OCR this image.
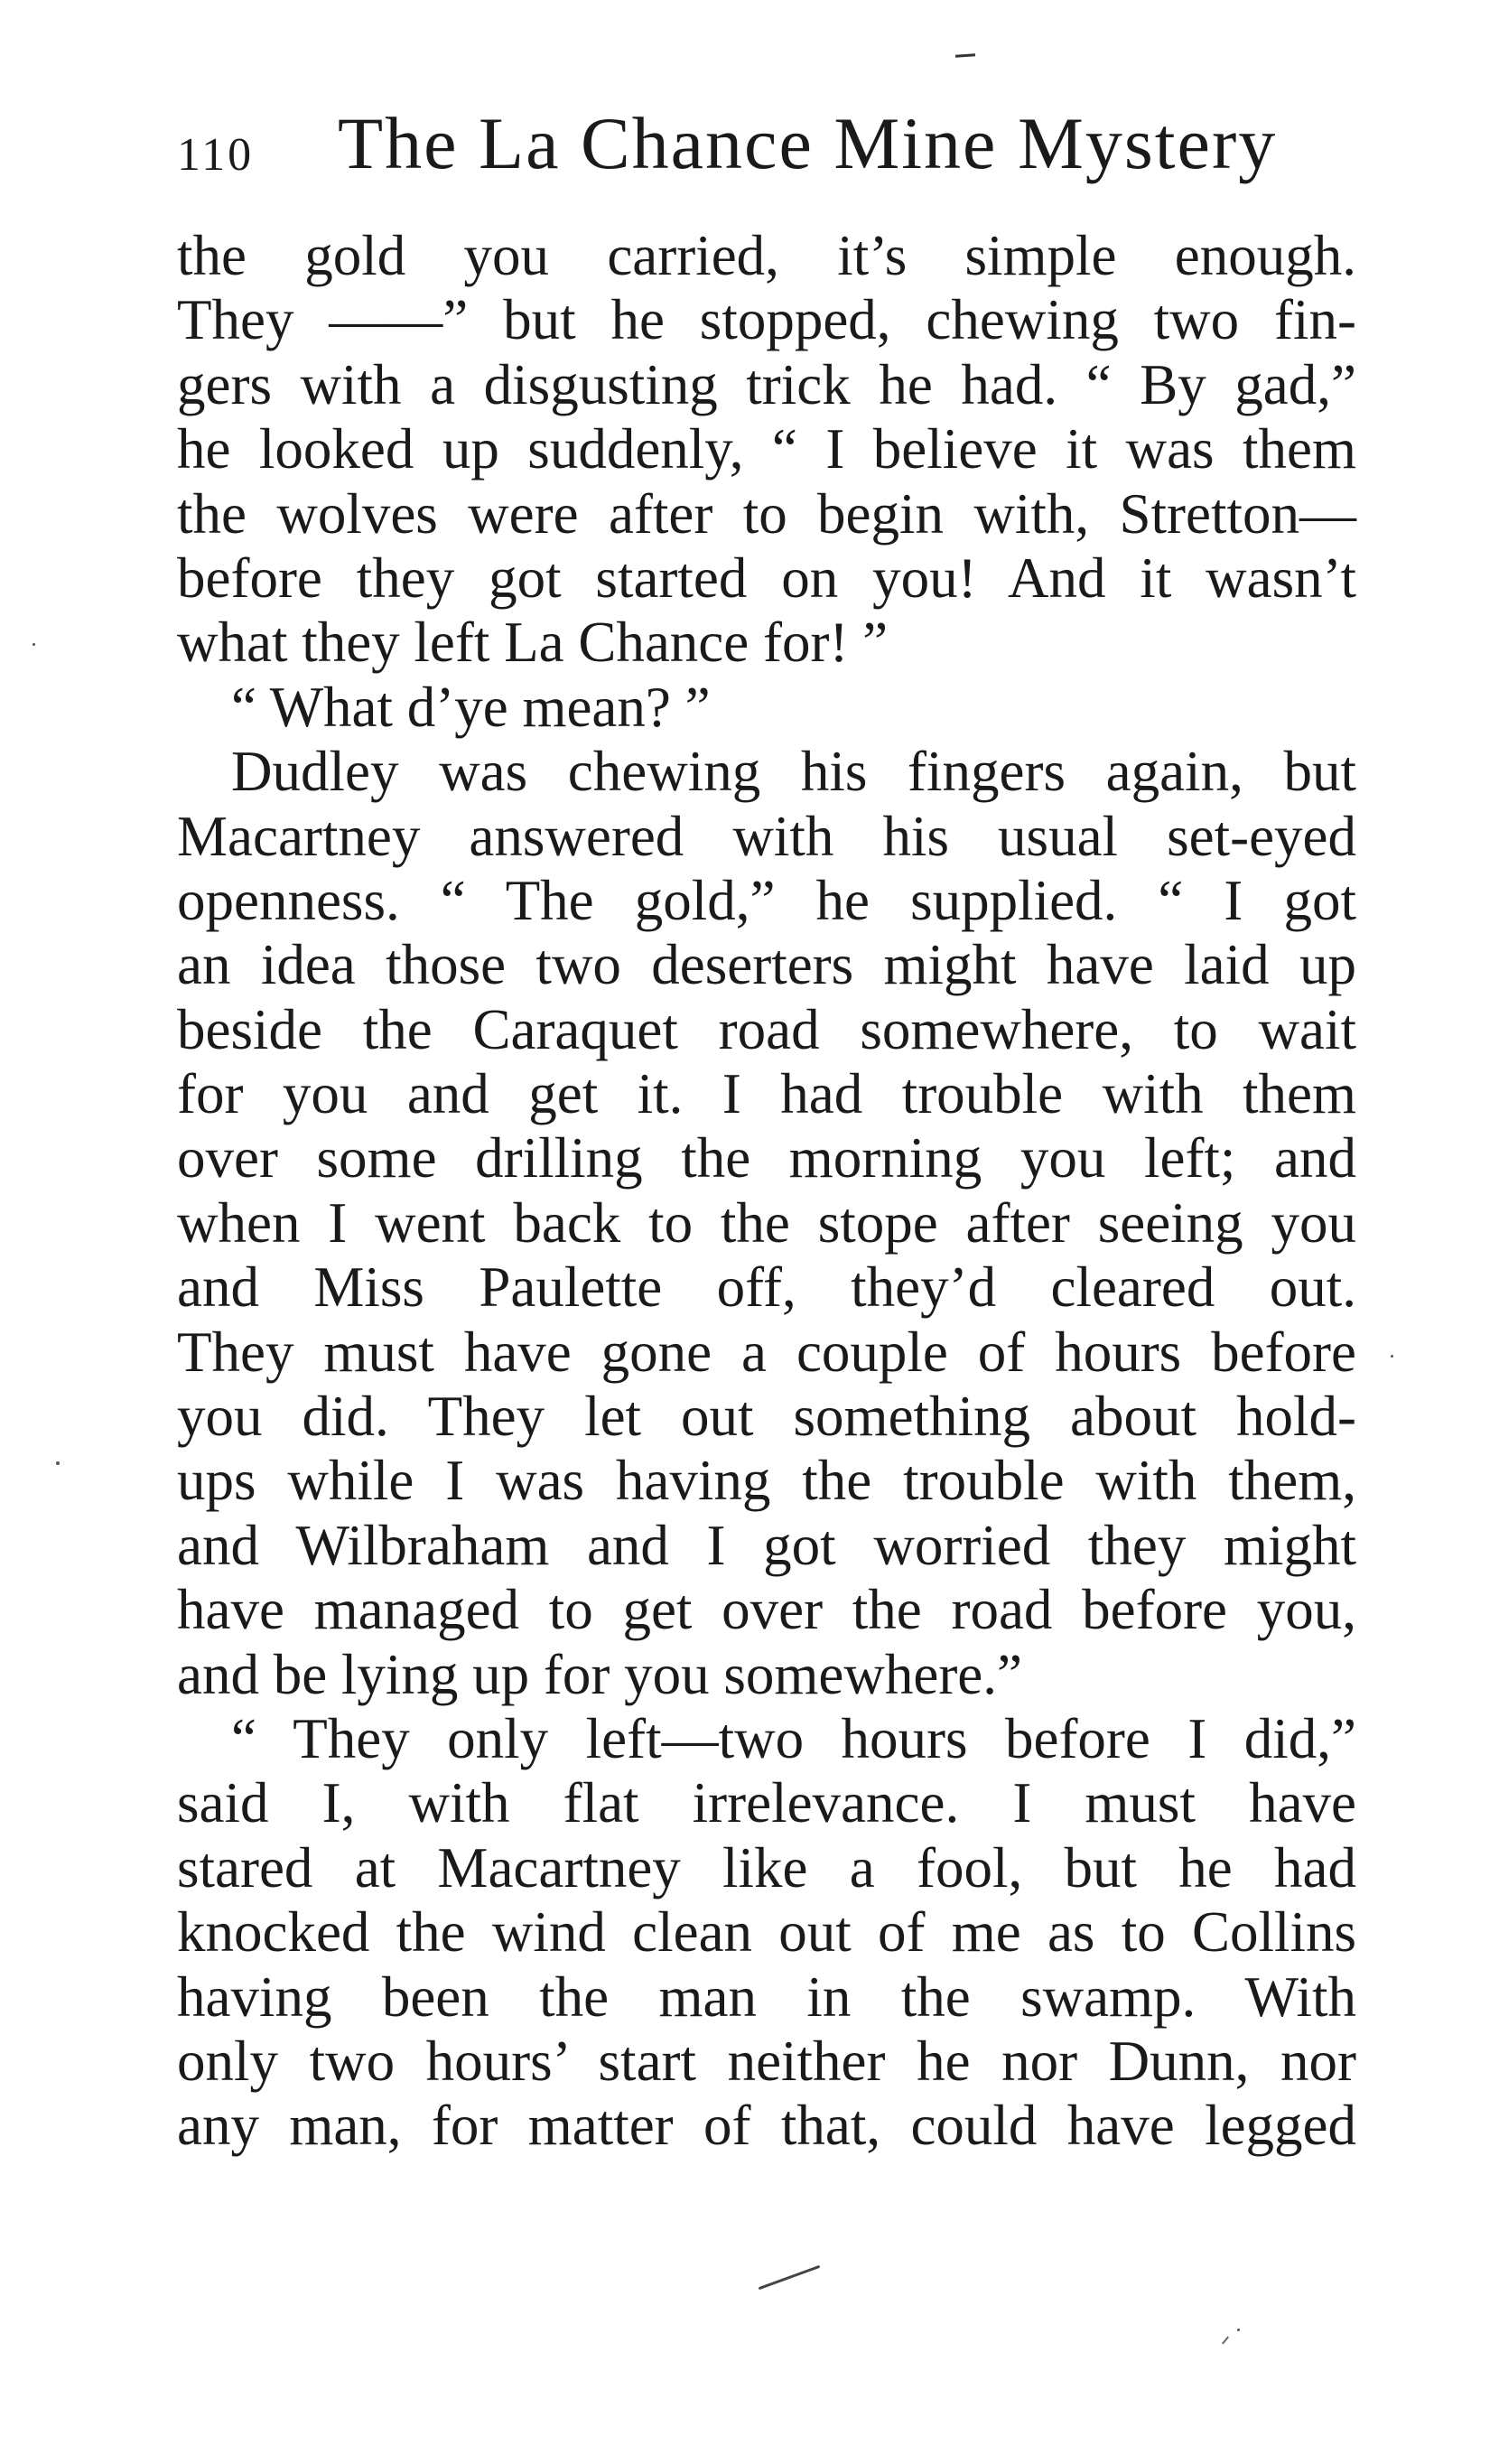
110 The La Chance Mine Mystery
the gold you carried, it’s simple enough.
They ——” but he stopped, chewing two fin-
gers with a disgusting trick he had. “ By gad,”
he looked up suddenly, “ I believe it was them
the wolves were after to begin with, Stretton—
before they got started on you! And it wasn’t
what they left La Chance for! ”
“ What d’ye mean? ”
Dudley was chewing his fingers again, but
Macartney answered with his usual set-eyed
openness. “ The gold,” he supplied. “ I got
an idea those two deserters might have laid up
beside the Caraquet road somewhere, to wait
for you and get it. I had trouble with them
over some drilling the morning you left; and
when I went back to the stope after seeing you
and Miss Paulette off, they’d cleared out.
They must have gone a couple of hours before
you did. They let out something about hold-
ups while I was having the trouble with them,
and Wilbraham and I got worried they might
have managed to get over the road before you,
and be lying up for you somewhere.”
“ They only left—two hours before I did,”
said I, with flat irrelevance. I must have
stared at Macartney like a fool, but he had
knocked the wind clean out of me as to Collins
having been the man in the swamp. With
only two hours’ start neither he nor Dunn, nor
any man, for matter of that, could have legged
